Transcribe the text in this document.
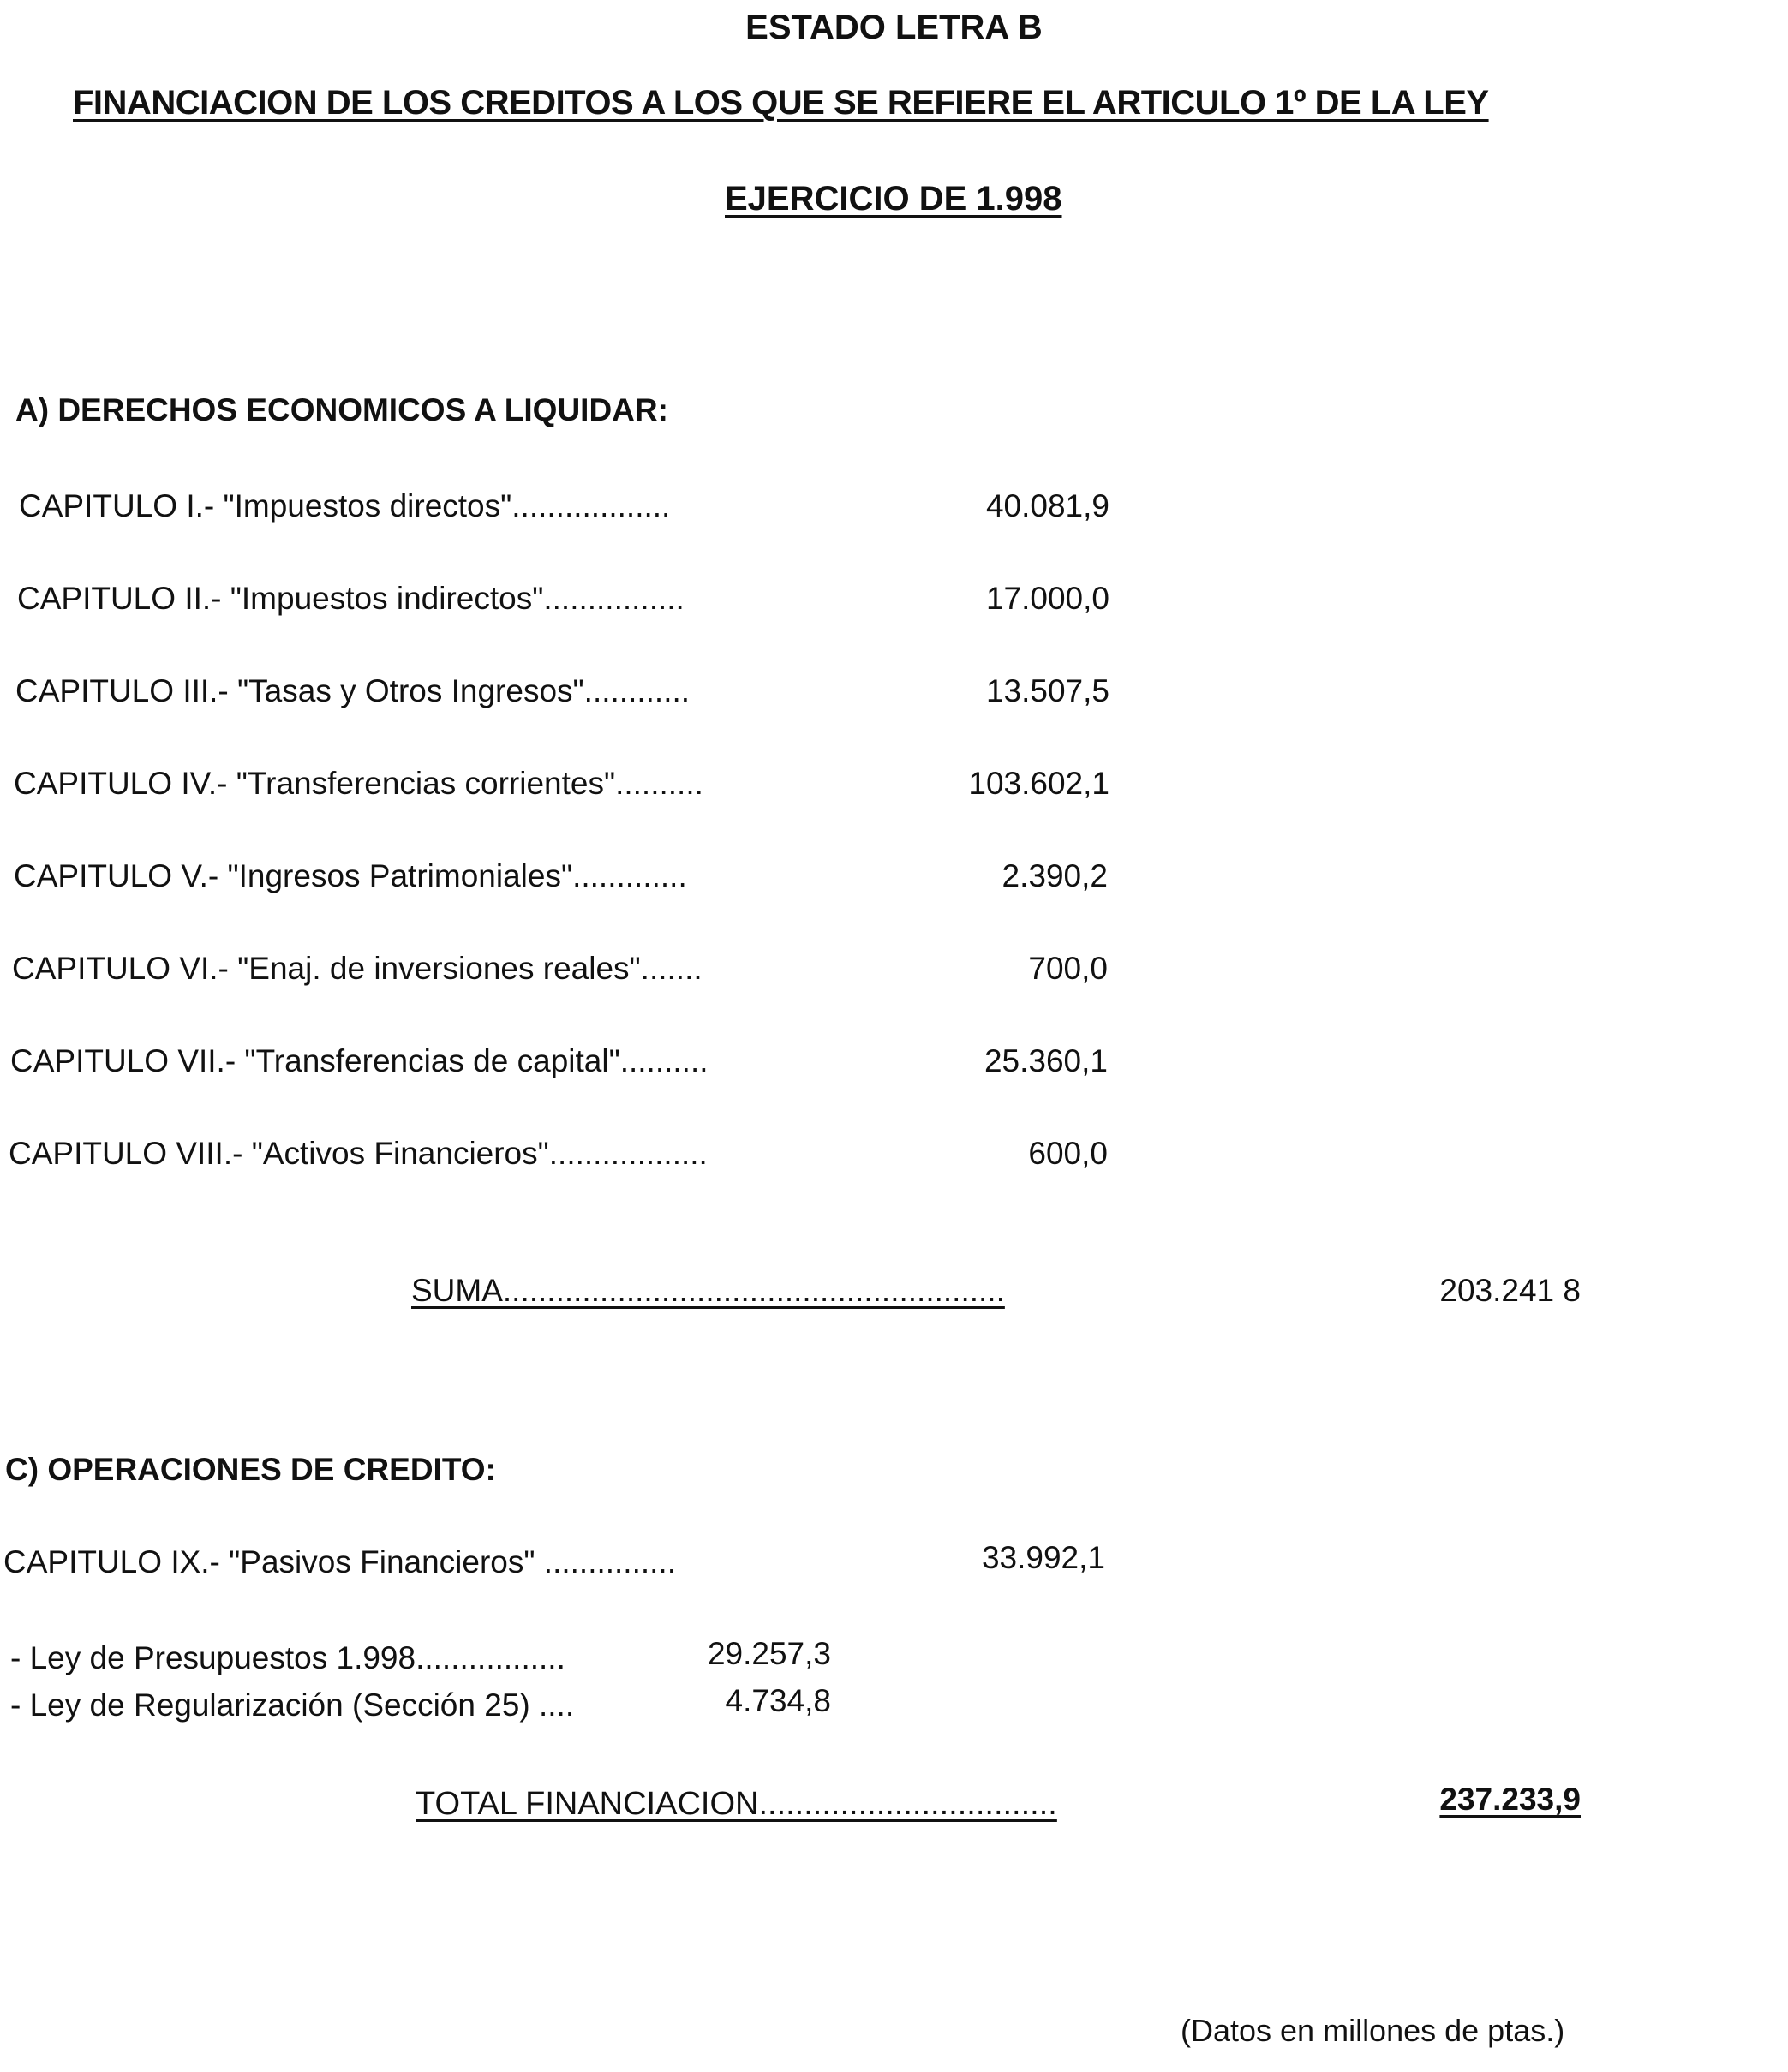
ESTADO LETRA B
FINANCIACION DE LOS CREDITOS A LOS QUE SE REFIERE EL ARTICULO 1º DE LA LEY
EJERCICIO DE 1.998
A) DERECHOS ECONOMICOS A LIQUIDAR:
CAPITULO I.- "Impuestos directos"..................	40.081,9
CAPITULO II.- "Impuestos indirectos"................	17.000,0
CAPITULO III.- "Tasas y Otros Ingresos"............	13.507,5
CAPITULO IV.- "Transferencias corrientes"..........	103.602,1
CAPITULO V.- "Ingresos Patrimoniales".............	2.390,2
CAPITULO VI.- "Enaj. de inversiones reales".......	700,0
CAPITULO VII.- "Transferencias de capital"..........	25.360,1
CAPITULO VIII.- "Activos Financieros"..................	600,0
SUMA.........................................................	203.241 8
C) OPERACIONES DE CREDITO:
CAPITULO IX.- "Pasivos Financieros" ...............	33.992,1
- Ley de Presupuestos 1.998.................	29.257,3
- Ley de Regularización (Sección 25) ....	4.734,8
TOTAL FINANCIACION.................................	237.233,9
(Datos en millones de ptas.)
